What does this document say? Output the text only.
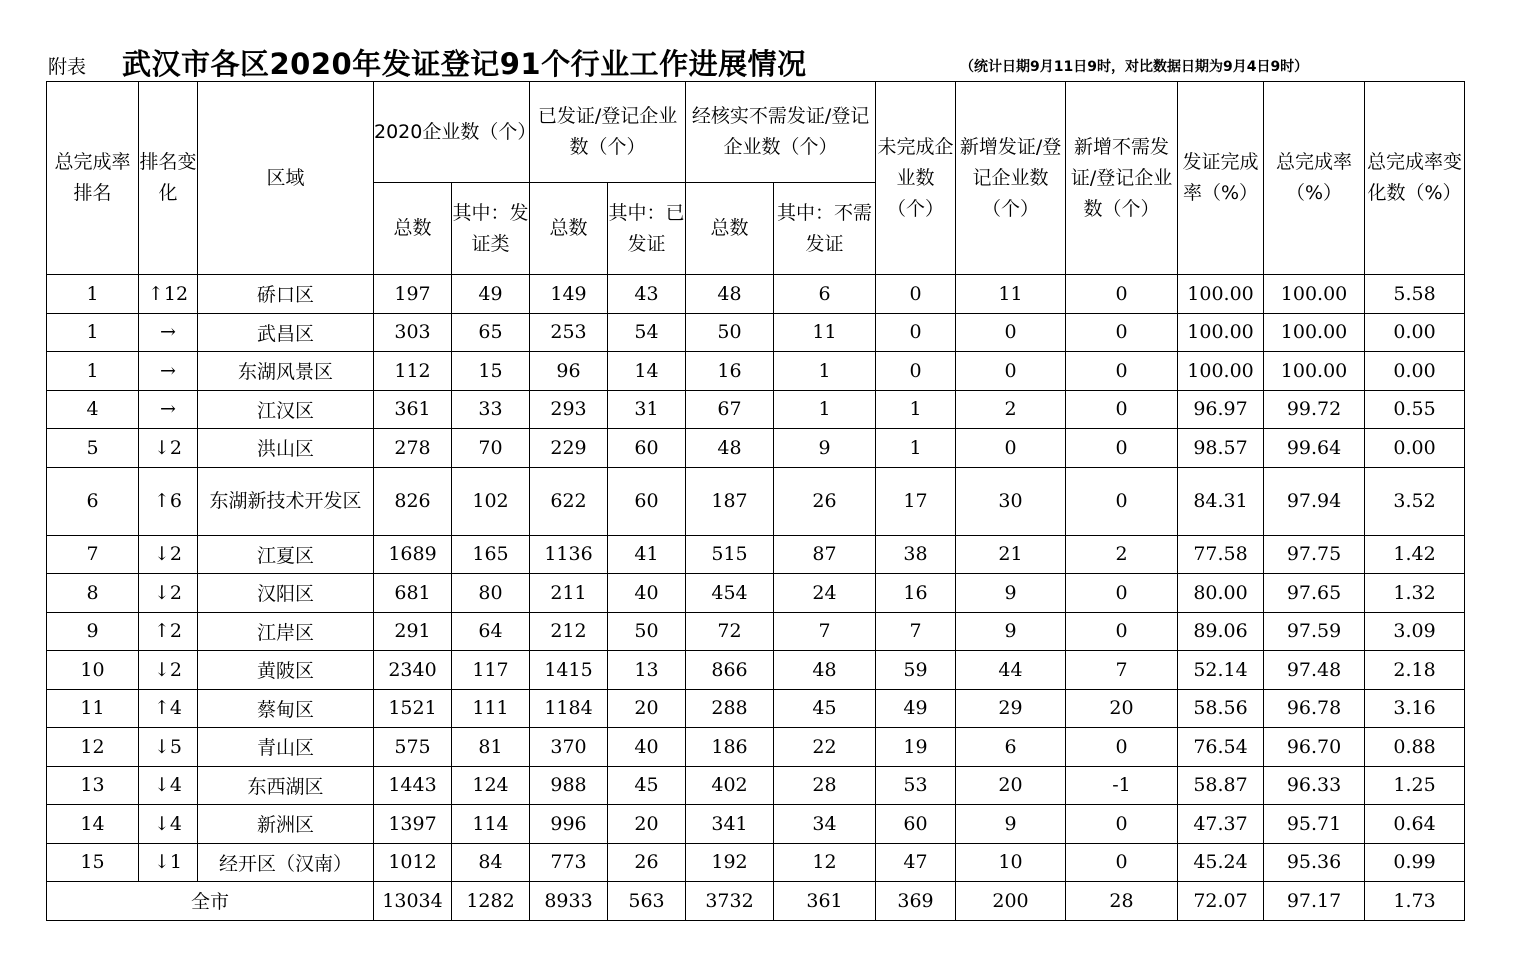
附表 武汉市各区2020年发证登记91个行业工作进展情况	（统计日期9月11日9时，对比数据日期为9月4日9时）
总完成率排名	排名变化	区域	2020企业数（个）		已发证/登记企业数（个）		经核实不需发证/登记企业数（个）		未完成企业数（个）	新增发证/登记企业数（个）	新增不需发证/登记企业数（个）	发证完成率（%）	总完成率（%）	总完成率变化数（%）
			总数	其中：发证类	总数	其中：已发证	总数	其中：不需发证						
1	↑12	硚口区	197	49	149	43	48	6	0	11	0	100.00	100.00	5.58
1	→	武昌区	303	65	253	54	50	11	0	0	0	100.00	100.00	0.00
1	→	东湖风景区	112	15	96	14	16	1	0	0	0	100.00	100.00	0.00
4	→	江汉区	361	33	293	31	67	1	1	2	0	96.97	99.72	0.55
5	↓2	洪山区	278	70	229	60	48	9	1	0	0	98.57	99.64	0.00
6	↑6	东湖新技术开发区	826	102	622	60	187	26	17	30	0	84.31	97.94	3.52
7	↓2	江夏区	1689	165	1136	41	515	87	38	21	2	77.58	97.75	1.42
8	↓2	汉阳区	681	80	211	40	454	24	16	9	0	80.00	97.65	1.32
9	↑2	江岸区	291	64	212	50	72	7	7	9	0	89.06	97.59	3.09
10	↓2	黄陂区	2340	117	1415	13	866	48	59	44	7	52.14	97.48	2.18
11	↑4	蔡甸区	1521	111	1184	20	288	45	49	29	20	58.56	96.78	3.16
12	↓5	青山区	575	81	370	40	186	22	19	6	0	76.54	96.70	0.88
13	↓4	东西湖区	1443	124	988	45	402	28	53	20	-1	58.87	96.33	1.25
14	↓4	新洲区	1397	114	996	20	341	34	60	9	0	47.37	95.71	0.64
15	↓1	经开区（汉南）	1012	84	773	26	192	12	47	10	0	45.24	95.36	0.99
全市			13034	1282	8933	563	3732	361	369	200	28	72.07	97.17	1.73
